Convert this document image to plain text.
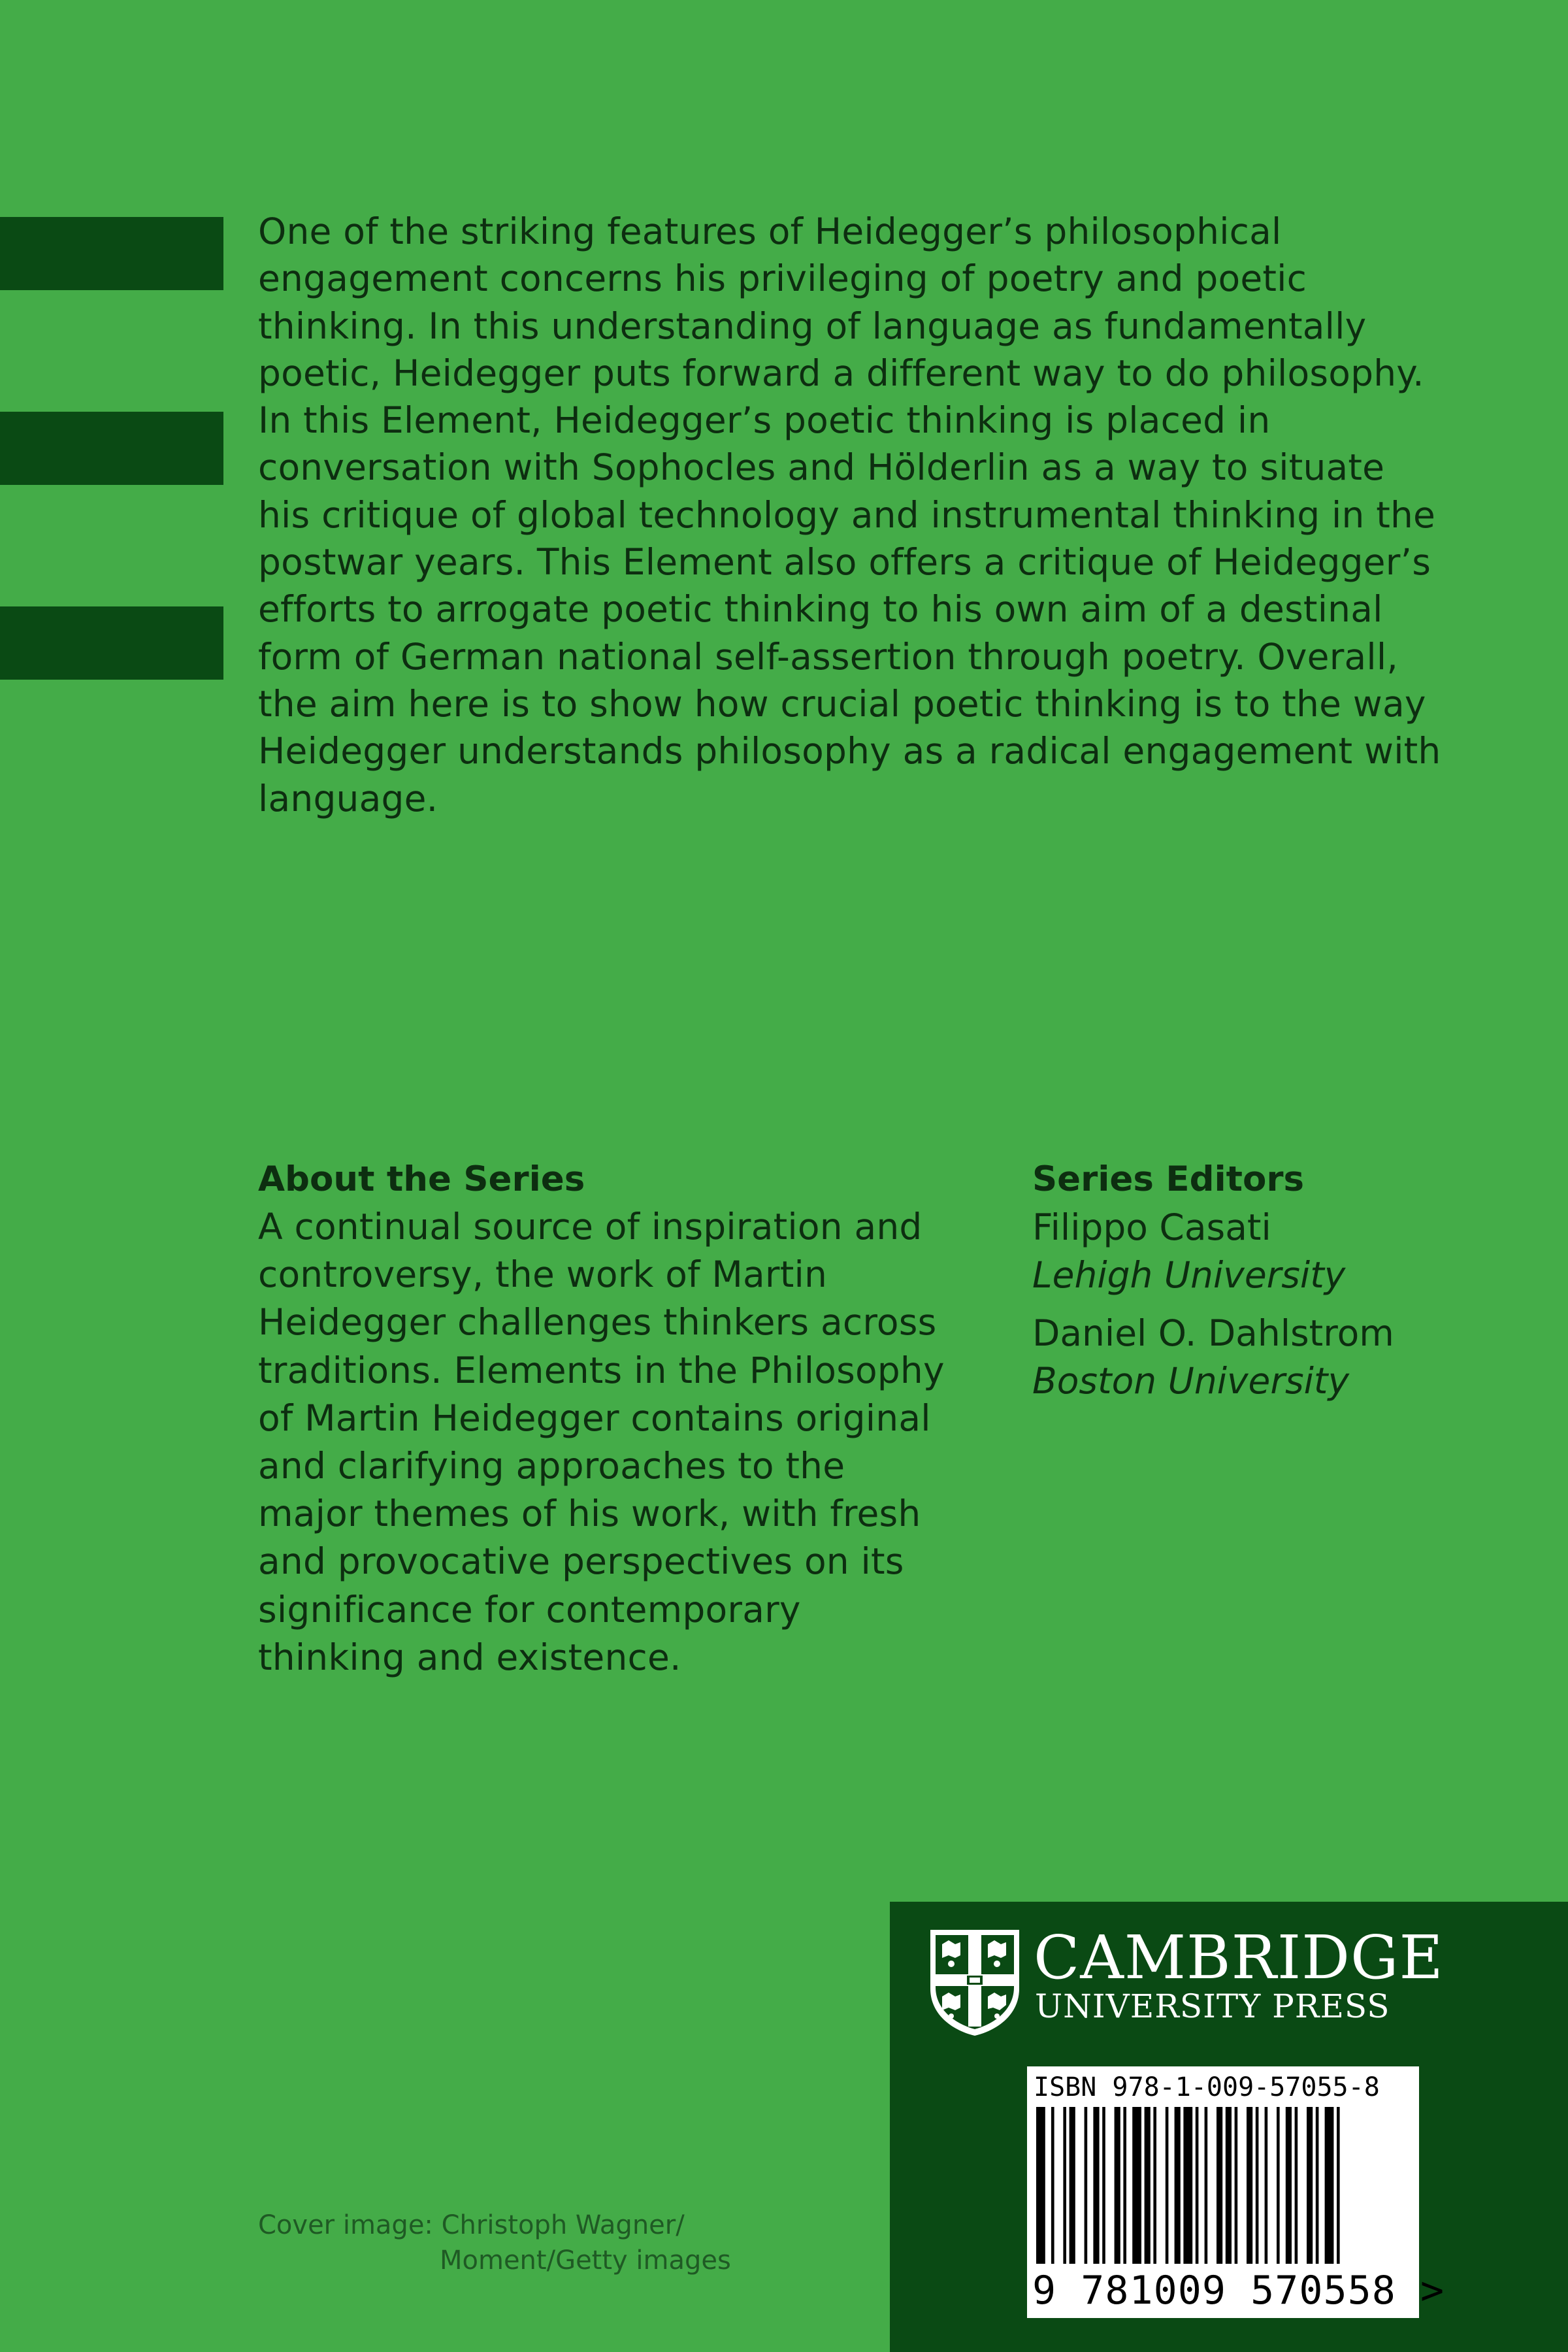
One of the striking features of Heidegger’s philosophical engagement concerns his privileging of poetry and poetic thinking. In this understanding of language as fundamentally poetic, Heidegger puts forward a different way to do philosophy. In this Element, Heidegger’s poetic thinking is placed in conversation with Sophocles and Hölderlin as a way to situate his critique of global technology and instrumental thinking in the postwar years. This Element also offers a critique of Heidegger’s efforts to arrogate poetic thinking to his own aim of a destinal form of German national self-assertion through poetry. Overall, the aim here is to show how crucial poetic thinking is to the way Heidegger understands philosophy as a radical engagement with language.

About the Series

A continual source of inspiration and controversy, the work of Martin Heidegger challenges thinkers across traditions. Elements in the Philosophy of Martin Heidegger contains original and clarifying approaches to the major themes of his work, with fresh and provocative perspectives on its significance for contemporary thinking and existence.

Series Editors
Filippo Casati
Lehigh University
Daniel O. Dahlstrom
Boston University
Cover image: Christoph Wagner/
Moment/Getty images
CAMBRIDGE
UNIVERSITY PRESS
ISBN 978-1-009-57055-8
9 781009 570558 >
